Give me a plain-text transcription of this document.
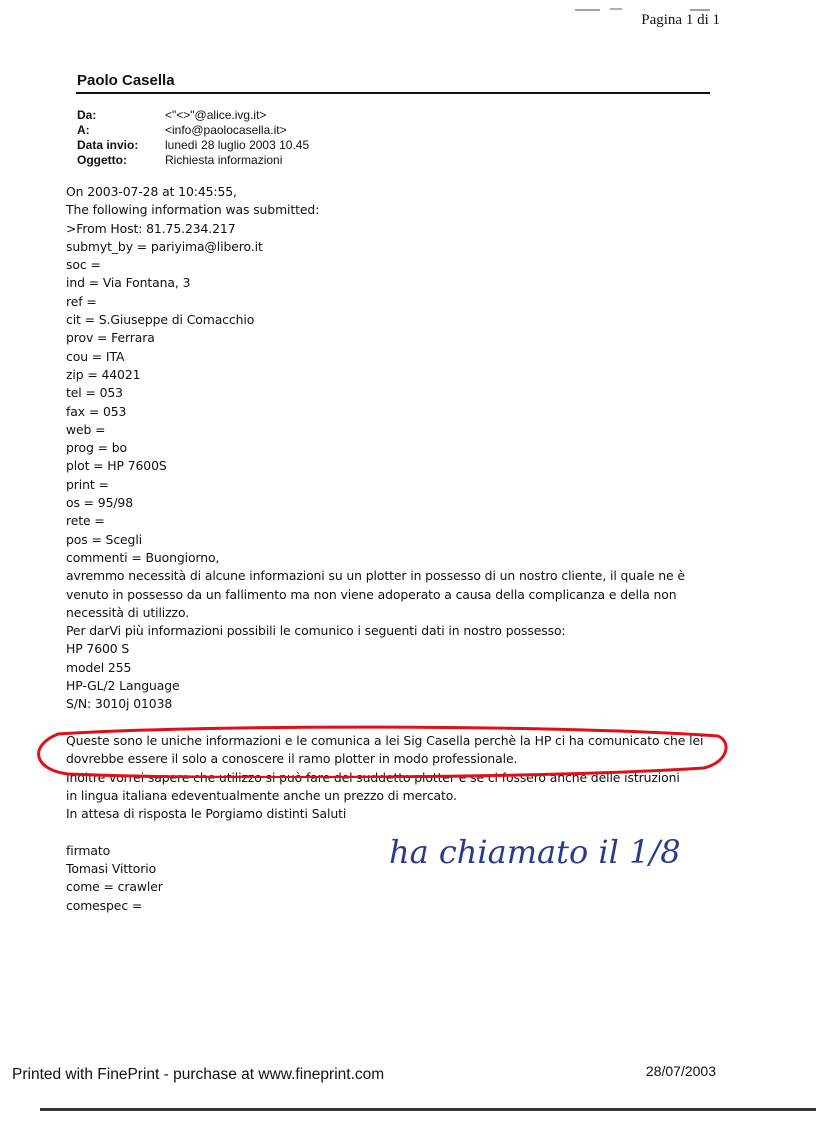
Pagina 1 di 1
Paolo Casella
Da:	<"<>"@alice.ivg.it>
A:	<info@paolocasella.it>
Data invio: lunedì 28 luglio 2003 10.45
Oggetto:	Richiesta informazioni
On 2003-07-28 at 10:45:55,
The following information was submitted:
>From Host: 81.75.234.217
submyt_by = pariyima@libero.it
soc =
ind = Via Fontana, 3
ref =
cit = S.Giuseppe di Comacchio
prov = Ferrara
cou = ITA
zip = 44021
tel = 053
fax = 053
web =
prog = bo
plot = HP 7600S
print =
os = 95/98
rete =
pos = Scegli
commenti = Buongiorno,
avremmo necessità di alcune informazioni su un plotter in possesso di un nostro cliente, il quale ne è
venuto in possesso da un fallimento ma non viene adoperato a causa della complicanza e della non
necessità di utilizzo.
Per darVi più informazioni possibili le comunico i seguenti dati in nostro possesso:
HP 7600 S
model 255
HP-GL/2 Language
S/N: 3010j 01038
Queste sono le uniche informazioni e le comunica a lei Sig Casella perchè la HP ci ha comunicato che lei
dovrebbe essere il solo a conoscere il ramo plotter in modo professionale.
Inoltre vorrei sapere che utilizzo si può fare del suddetto plotter e se ci fossero anche delle istruzioni
in lingua italiana edeventualmente anche un prezzo di mercato.
In attesa di risposta le Porgiamo distinti Saluti
firmato
Tomasi Vittorio
come = crawler
comespec =
ha chiamato il 1/8
Printed with FinePrint - purchase at www.fineprint.com	28/07/2003
